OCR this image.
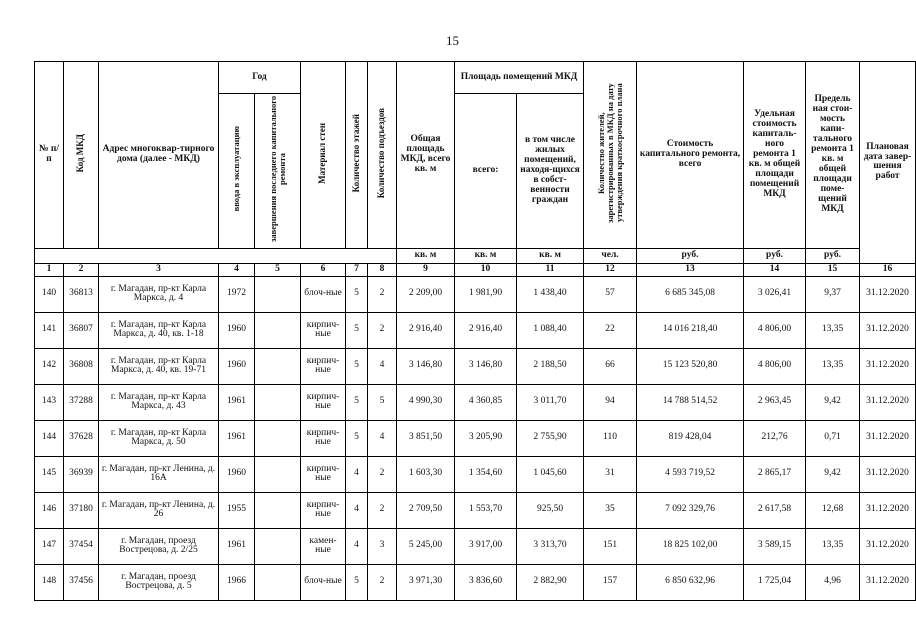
15
№ п/п	Код МКД	Адрес многоквар-тирного дома (далее - МКД)	Год		Материал стен	Количество этажей	Количество подъездов	Общая площадь МКД, всего кв. м	Площадь помещений МКД		Количество жителей, зарегистрированных в МКД на дату утверждения краткосрочного плана	Стоимость капитального ремонта, всего	Удельная стоимость капиталь-ного ремонта 1 кв. м общей площади помещений МКД	Предель ная стои-мость капи-тального ремонта 1 кв. м общей площади поме-щений МКД	Плановая дата завер-шения работ
			ввода в эксплуатацию	завершения последнего капитального ремонта					всего:	в том числе жилых помещений, находя-щихся в собст-венности граждан					
								кв. м	кв. м	кв. м	чел.	руб.	руб.	руб.	
1	2	3	4	5	6	7	8	9	10	11	12	13	14	15	16
140	36813	г. Магадан, пр-кт Карла Маркса, д. 4	1972		блоч-ные	5	2	2 209,00	1 981,90	1 438,40	57	6 685 345,08	3 026,41	9,37	31.12.2020
141	36807	г. Магадан, пр-кт Карла Маркса, д. 40, кв. 1-18	1960		кирпич-ные	5	2	2 916,40	2 916,40	1 088,40	22	14 016 218,40	4 806,00	13,35	31.12.2020
142	36808	г. Магадан, пр-кт Карла Маркса, д. 40, кв. 19-71	1960		кирпич-ные	5	4	3 146,80	3 146,80	2 188,50	66	15 123 520,80	4 806,00	13,35	31.12.2020
143	37288	г. Магадан, пр-кт Карла Маркса, д. 43	1961		кирпич-ные	5	5	4 990,30	4 360,85	3 011,70	94	14 788 514,52	2 963,45	9,42	31.12.2020
144	37628	г. Магадан, пр-кт Карла Маркса, д. 50	1961		кирпич-ные	5	4	3 851,50	3 205,90	2 755,90	110	819 428,04	212,76	0,71	31.12.2020
145	36939	г. Магадан, пр-кт Ленина, д. 16А	1960		кирпич-ные	4	2	1 603,30	1 354,60	1 045,60	31	4 593 719,52	2 865,17	9,42	31.12.2020
146	37180	г. Магадан, пр-кт Ленина, д. 26	1955		кирпич-ные	4	2	2 709,50	1 553,70	925,50	35	7 092 329,76	2 617,58	12,68	31.12.2020
147	37454	г. Магадан, проезд Вострецова, д. 2/25	1961		камен-ные	4	3	5 245,00	3 917,00	3 313,70	151	18 825 102,00	3 589,15	13,35	31.12.2020
148	37456	г. Магадан, проезд Вострецова, д. 5	1966		блоч-ные	5	2	3 971,30	3 836,60	2 882,90	157	6 850 632,96	1 725,04	4,96	31.12.2020
